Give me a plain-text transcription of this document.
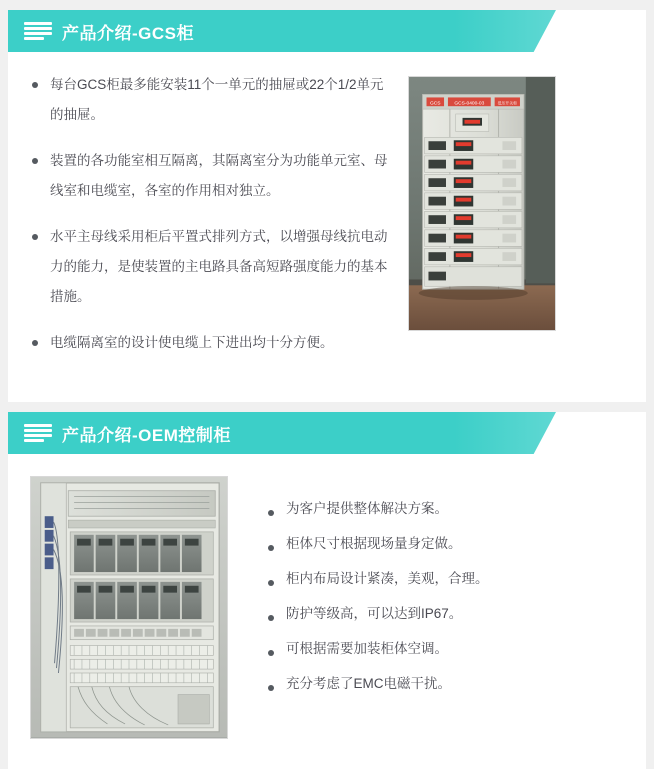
产品介绍-GCS柜
每台GCS柜最多能安装11个一单元的抽屉或22个1/2单元的抽屉。
装置的各功能室相互隔离，其隔离室分为功能单元室、母线室和电缆室，各室的作用相对独立。
水平主母线采用柜后平置式排列方式，以增强母线抗电动力的能力，是使装置的主电路具备高短路强度能力的基本措施。
电缆隔离室的设计使电缆上下进出均十分方便。
GCS	GCS-0400-03	低压开关柜
产品介绍-OEM控制柜
为客户提供整体解决方案。
柜体尺寸根据现场量身定做。
柜内布局设计紧凑，美观，合理。
防护等级高，可以达到IP67。
可根据需要加装柜体空调。
充分考虑了EMC电磁干扰。
